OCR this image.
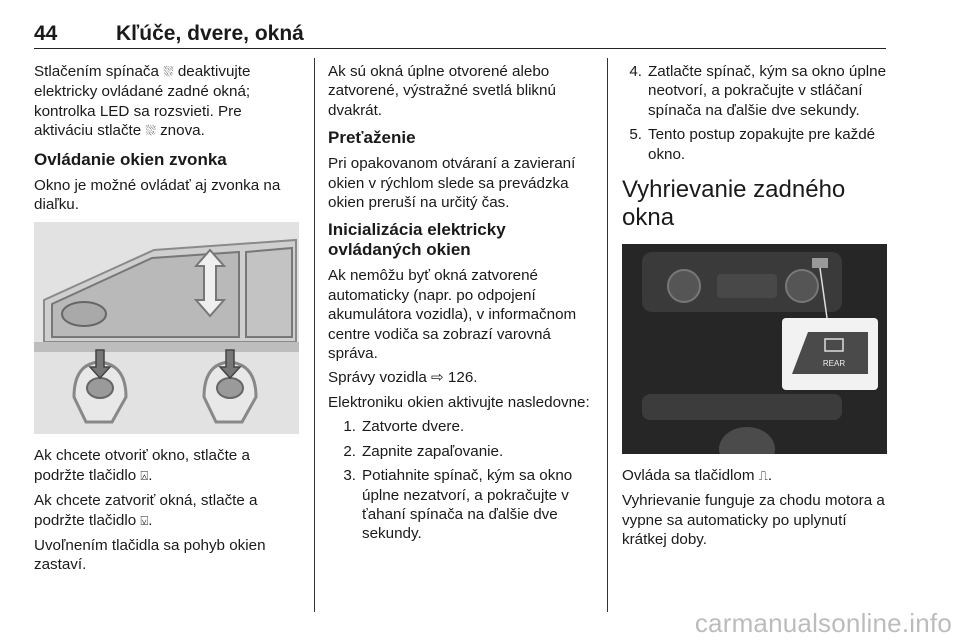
44	Kľúče, dvere, okná

Stlačením spínača ⛆ deaktivujte elektricky ovládané zadné okná; kontrolka LED sa rozsvieti. Pre aktiváciu stlačte ⛆ znova.

Ovládanie okien zvonka

Okno je možné ovládať aj zvonka na diaľku.

Ak chcete otvoriť okno, stlačte a podržte tlačidlo ⍓.

Ak chcete zatvoriť okná, stlačte a podržte tlačidlo ⍌.

Uvoľnením tlačidla sa pohyb okien zastaví.

Ak sú okná úplne otvorené alebo zatvorené, výstražné svetlá bliknú dvakrát.

Preťaženie

Pri opakovanom otváraní a zavieraní okien v rýchlom slede sa prevádzka okien preruší na určitý čas.

Inicializácia elektricky ovládaných okien

Ak nemôžu byť okná zatvorené automaticky (napr. po odpojení akumulátora vozidla), v informačnom centre vodiča sa zobrazí varovná správa.

Správy vozidla ⇨ 126.

Elektroniku okien aktivujte nasledovne:

1. Zatvorte dvere.
2. Zapnite zapaľovanie.
3. Potiahnite spínač, kým sa okno úplne nezatvorí, a pokračujte v ťahaní spínača na ďalšie dve sekundy.
4. Zatlačte spínač, kým sa okno úplne neotvorí, a pokračujte v stláčaní spínača na ďalšie dve sekundy.
5. Tento postup zopakujte pre každé okno.
Vyhrievanie zadného okna
REAR

Ovláda sa tlačidlom ⎍.

Vyhrievanie funguje za chodu motora a vypne sa automaticky po uplynutí krátkej doby.

carmanualsonline.info
